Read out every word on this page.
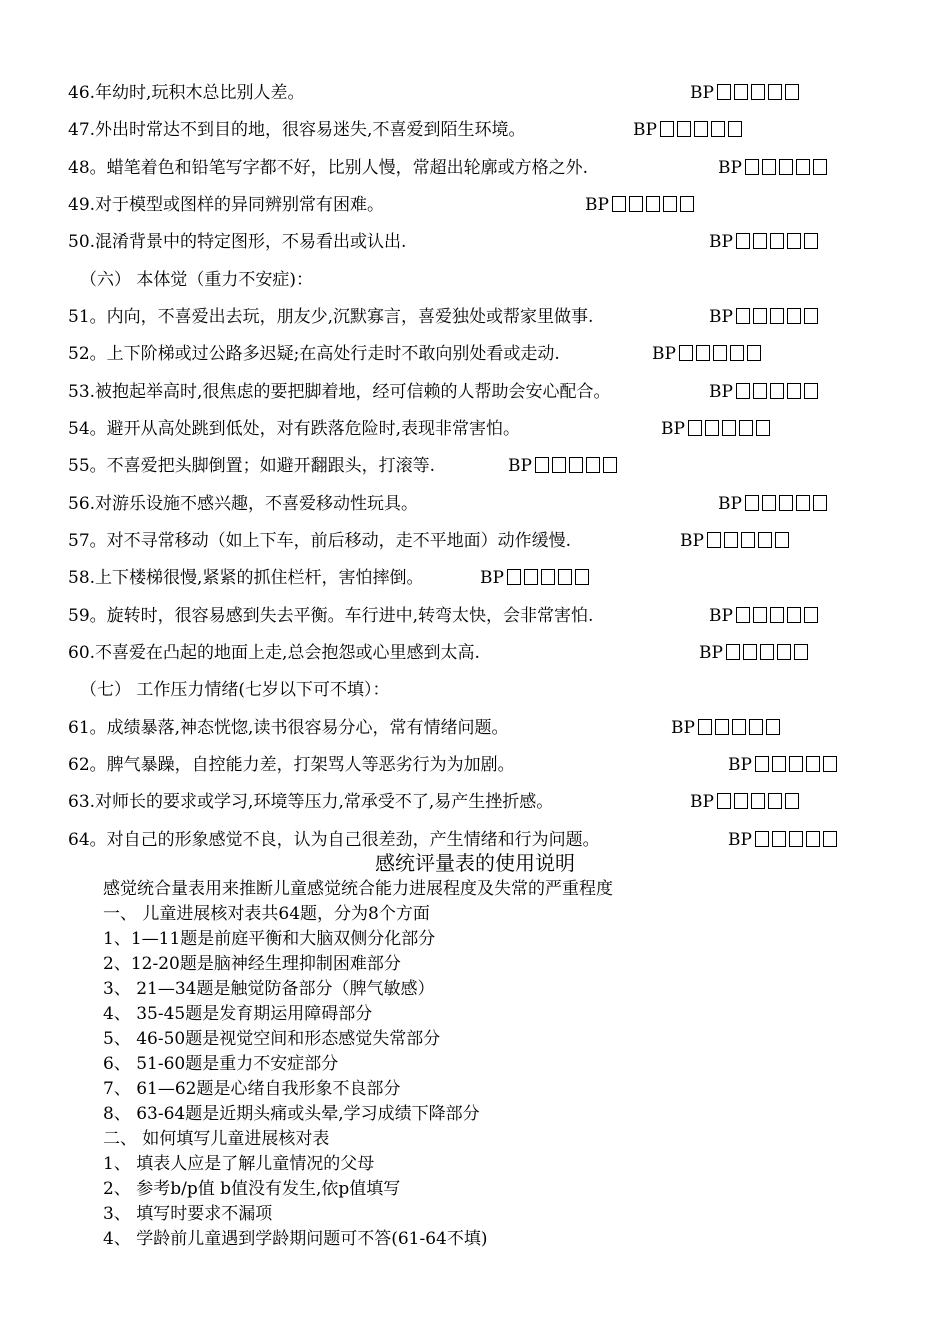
46.年幼时,玩积木总比别人差。	BP
47.外出时常达不到目的地，很容易迷失,不喜爱到陌生环境。	BP
48。蜡笔着色和铅笔写字都不好，比别人慢，常超出轮廓或方格之外.	BP
49.对于模型或图样的异同辨别常有困难。	BP
50.混淆背景中的特定图形，不易看出或认出.	BP
（六） 本体觉（重力不安症)：
51。内向，不喜爱出去玩，朋友少,沉默寡言，喜爱独处或帮家里做事.	BP
52。上下阶梯或过公路多迟疑;在高处行走时不敢向别处看或走动.	BP
53.被抱起举高时,很焦虑的要把脚着地，经可信赖的人帮助会安心配合。	BP
54。避开从高处跳到低处，对有跌落危险时,表现非常害怕。	BP
55。不喜爱把头脚倒置；如避开翻跟头，打滚等.	BP
56.对游乐设施不感兴趣，不喜爱移动性玩具。	BP
57。对不寻常移动（如上下车，前后移动，走不平地面）动作缓慢.	BP
58.上下楼梯很慢,紧紧的抓住栏杆，害怕摔倒。	BP
59。旋转时，很容易感到失去平衡。车行进中,转弯太快，会非常害怕.	BP
60.不喜爱在凸起的地面上走,总会抱怨或心里感到太高.	BP
（七） 工作压力情绪(七岁以下可不填）：
61。成绩暴落,神态恍惚,读书很容易分心，常有情绪问题。	BP
62。脾气暴躁，自控能力差，打架骂人等恶劣行为为加剧。	BP
63.对师长的要求或学习,环境等压力,常承受不了,易产生挫折感。	BP
64。对自己的形象感觉不良，认为自己很差劲，产生情绪和行为问题。	BP
感统评量表的使用说明
感觉统合量表用来推断儿童感觉统合能力进展程度及失常的严重程度
一、 儿童进展核对表共64题，分为8个方面
1、1—11题是前庭平衡和大脑双侧分化部分
2、12-20题是脑神经生理抑制困难部分
3、 21—34题是触觉防备部分（脾气敏感）
4、 35-45题是发育期运用障碍部分
5、 46-50题是视觉空间和形态感觉失常部分
6、 51-60题是重力不安症部分
7、 61—62题是心绪自我形象不良部分
8、 63-64题是近期头痛或头晕,学习成绩下降部分
二、 如何填写儿童进展核对表
1、 填表人应是了解儿童情况的父母
2、 参考b/p值 b值没有发生,依p值填写
3、 填写时要求不漏项
4、 学龄前儿童遇到学龄期问题可不答(61-64不填)
